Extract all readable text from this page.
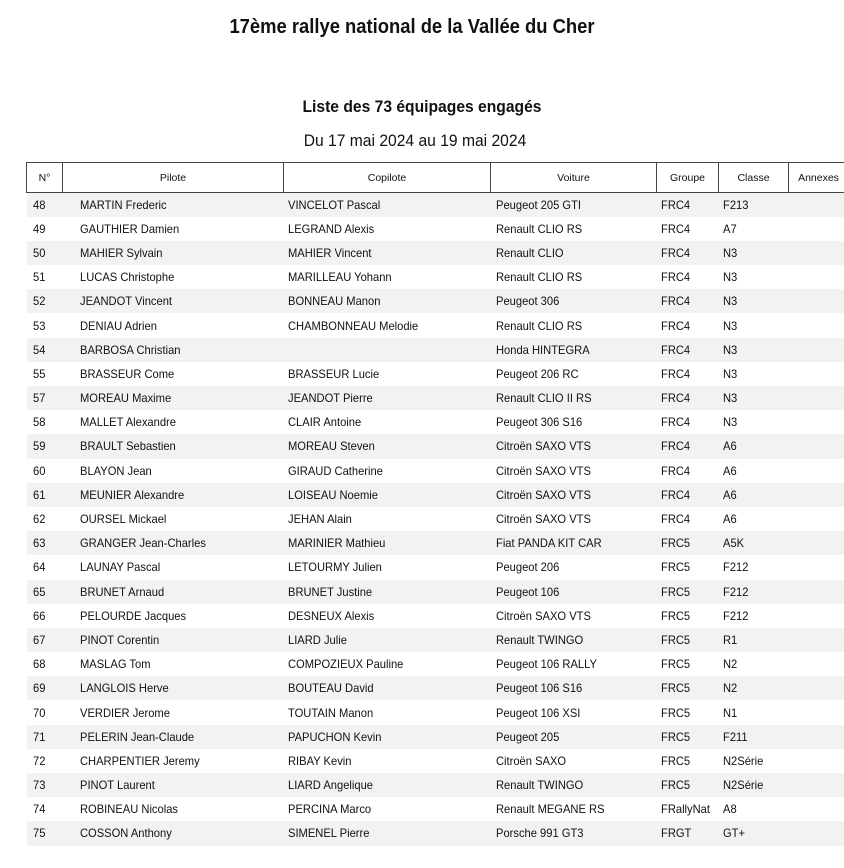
17ème rallye national de la Vallée du Cher
Liste des 73 équipages engagés
Du 17 mai 2024 au 19 mai 2024
N°	Pilote	Copilote	Voiture	Groupe	Classe	Annexes
48	MARTIN Frederic	VINCELOT Pascal	Peugeot 205 GTI	FRC4	F213	
49	GAUTHIER Damien	LEGRAND Alexis	Renault CLIO RS	FRC4	A7	
50	MAHIER Sylvain	MAHIER Vincent	Renault CLIO	FRC4	N3	
51	LUCAS Christophe	MARILLEAU Yohann	Renault CLIO RS	FRC4	N3	
52	JEANDOT Vincent	BONNEAU Manon	Peugeot 306	FRC4	N3	
53	DENIAU Adrien	CHAMBONNEAU Melodie	Renault CLIO RS	FRC4	N3	
54	BARBOSA Christian		Honda HINTEGRA	FRC4	N3	
55	BRASSEUR Come	BRASSEUR Lucie	Peugeot 206 RC	FRC4	N3	
57	MOREAU Maxime	JEANDOT Pierre	Renault CLIO II RS	FRC4	N3	
58	MALLET Alexandre	CLAIR Antoine	Peugeot 306 S16	FRC4	N3	
59	BRAULT Sebastien	MOREAU Steven	Citroën SAXO VTS	FRC4	A6	
60	BLAYON Jean	GIRAUD Catherine	Citroën SAXO VTS	FRC4	A6	
61	MEUNIER Alexandre	LOISEAU Noemie	Citroën SAXO VTS	FRC4	A6	
62	OURSEL Mickael	JEHAN Alain	Citroën SAXO VTS	FRC4	A6	
63	GRANGER Jean-Charles	MARINIER Mathieu	Fiat PANDA KIT CAR	FRC5	A5K	
64	LAUNAY Pascal	LETOURMY Julien	Peugeot 206	FRC5	F212	
65	BRUNET Arnaud	BRUNET Justine	Peugeot 106	FRC5	F212	
66	PELOURDE Jacques	DESNEUX Alexis	Citroën SAXO VTS	FRC5	F212	
67	PINOT Corentin	LIARD Julie	Renault TWINGO	FRC5	R1	
68	MASLAG Tom	COMPOZIEUX Pauline	Peugeot 106 RALLY	FRC5	N2	
69	LANGLOIS Herve	BOUTEAU David	Peugeot 106 S16	FRC5	N2	
70	VERDIER Jerome	TOUTAIN Manon	Peugeot 106 XSI	FRC5	N1	
71	PELERIN Jean-Claude	PAPUCHON Kevin	Peugeot 205	FRC5	F211	
72	CHARPENTIER Jeremy	RIBAY Kevin	Citroën SAXO	FRC5	N2Série	
73	PINOT Laurent	LIARD Angelique	Renault TWINGO	FRC5	N2Série	
74	ROBINEAU Nicolas	PERCINA Marco	Renault MEGANE RS	FRallyNat	A8	
75	COSSON Anthony	SIMENEL Pierre	Porsche 991 GT3	FRGT	GT+	
